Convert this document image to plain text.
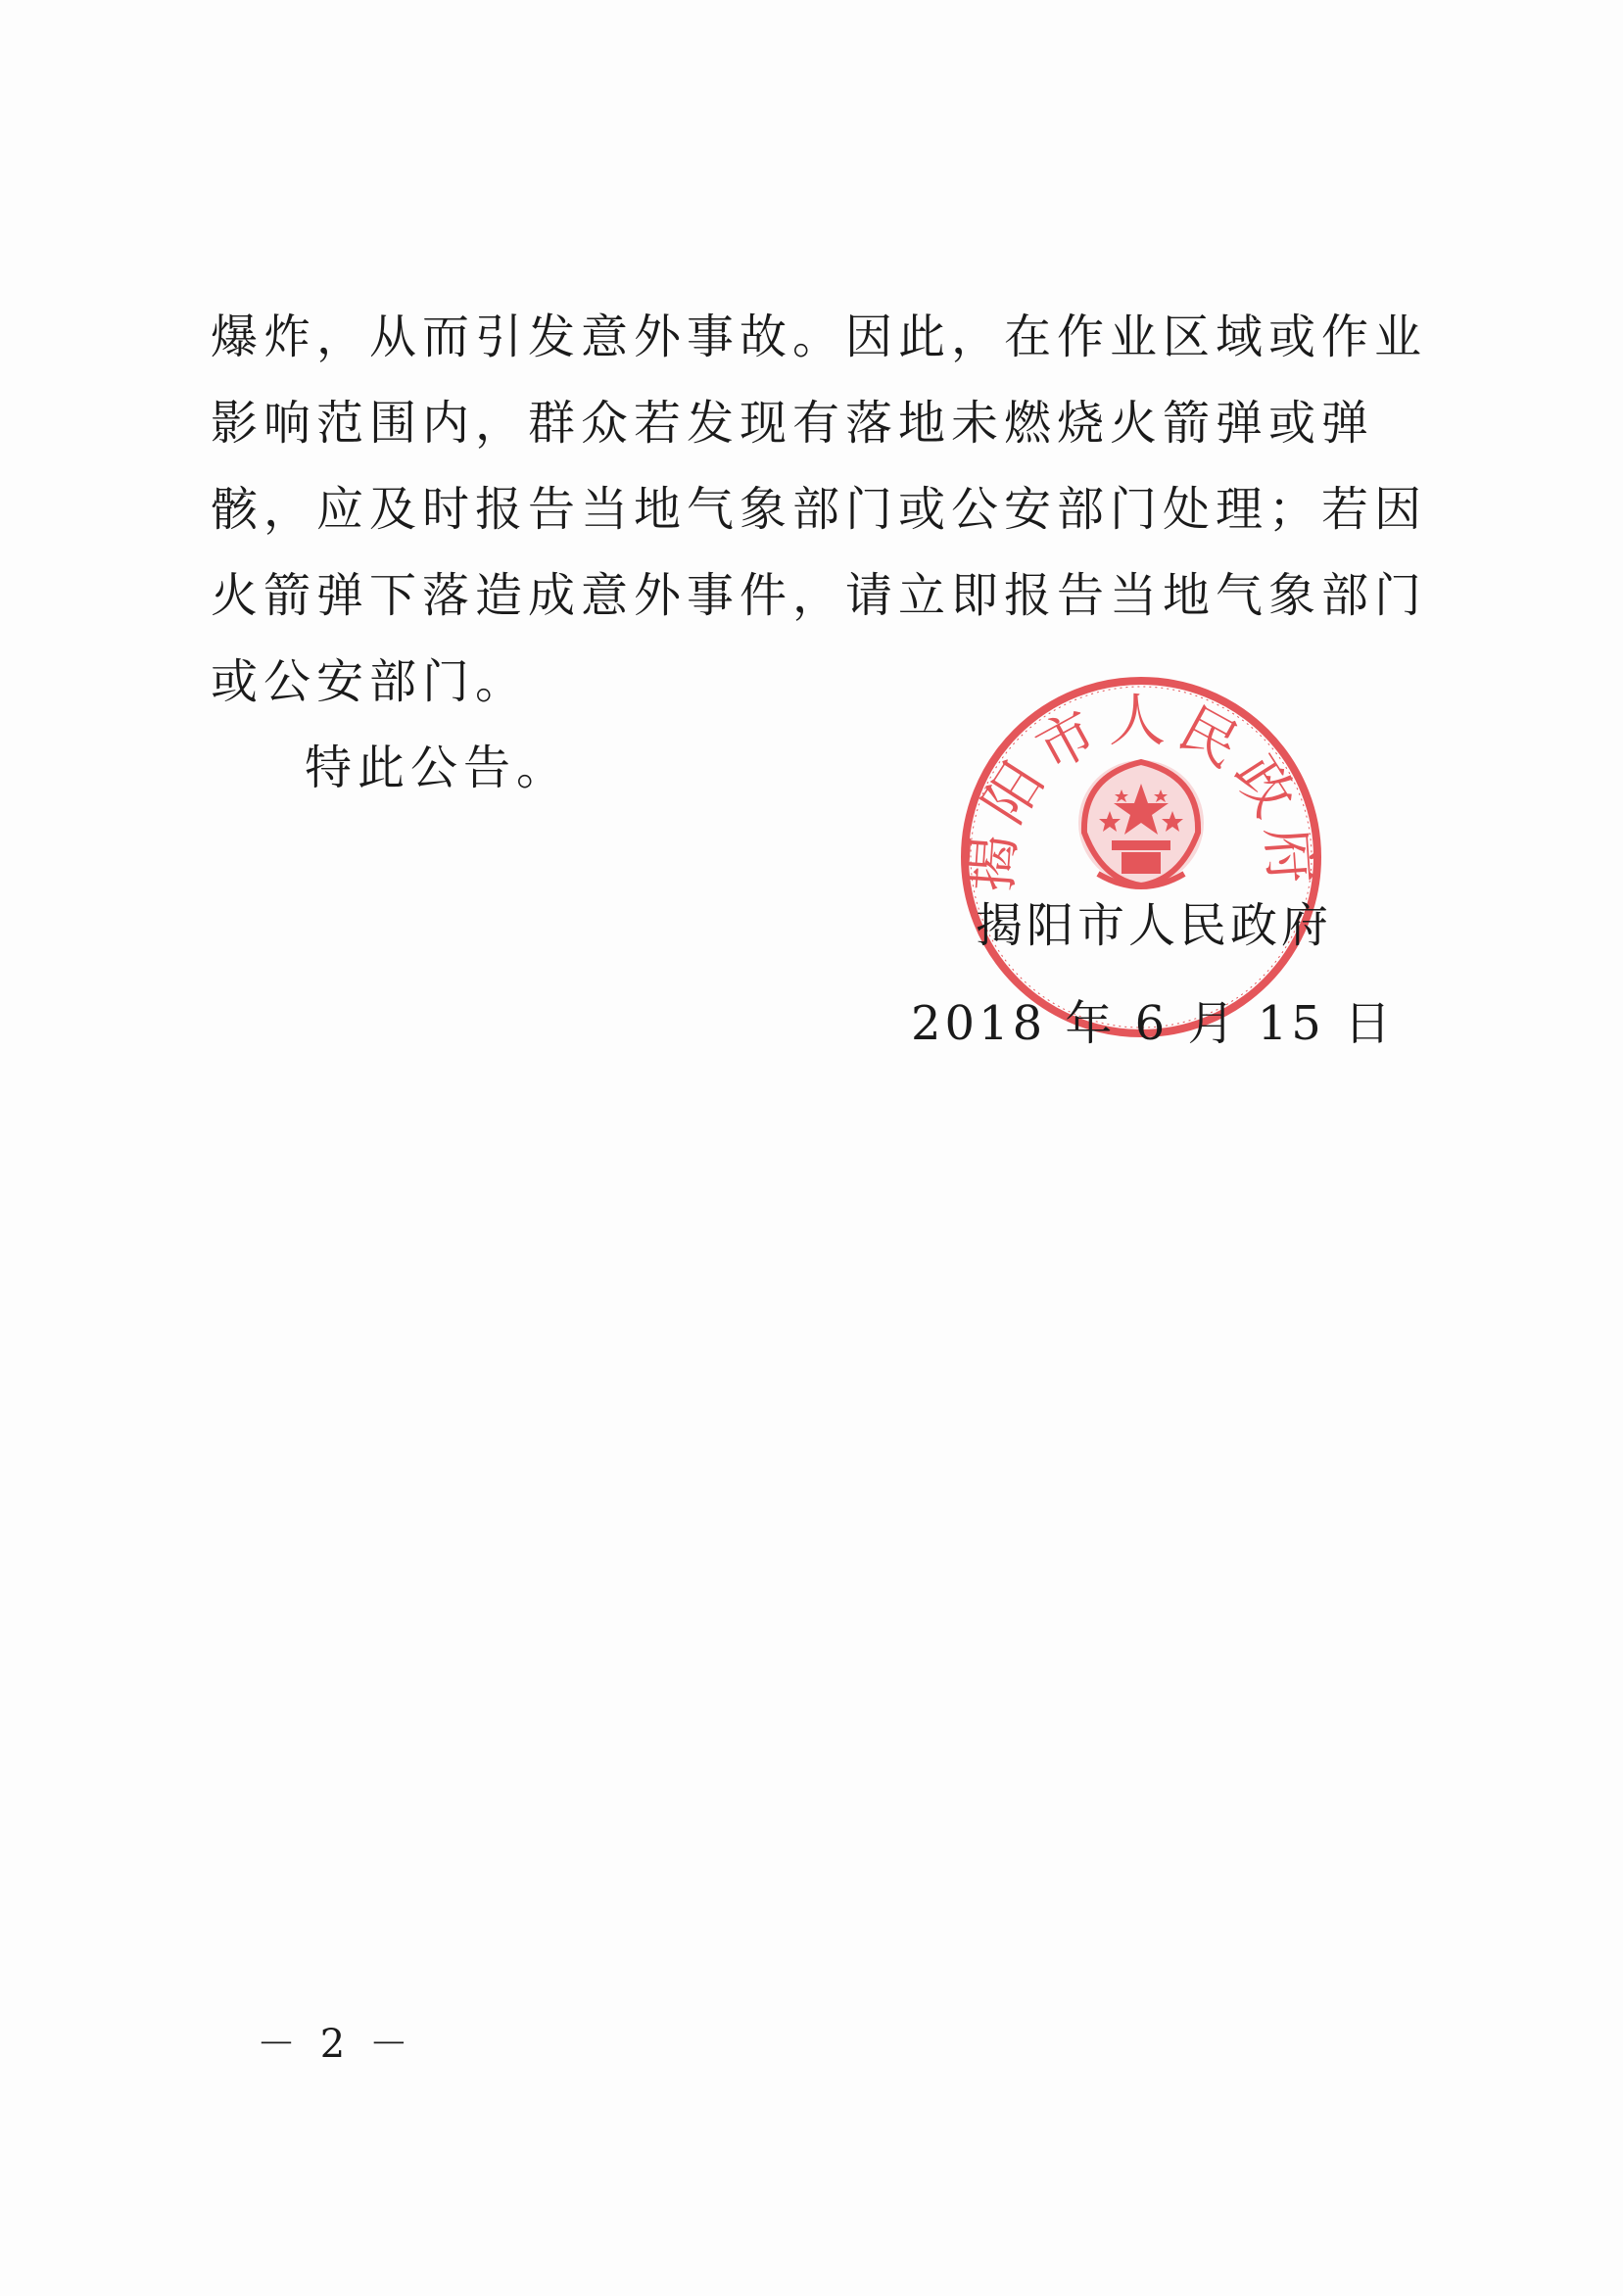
爆炸，从而引发意外事故。因此，在作业区域或作业影响范围内，群众若发现有落地未燃烧火箭弹或弹骸，应及时报告当地气象部门或公安部门处理；若因火箭弹下落造成意外事件，请立即报告当地气象部门或公安部门。

特此公告。

揭阳市人民政府
揭阳市人民政府
2018 年 6 月 15 日
－ 2 －
